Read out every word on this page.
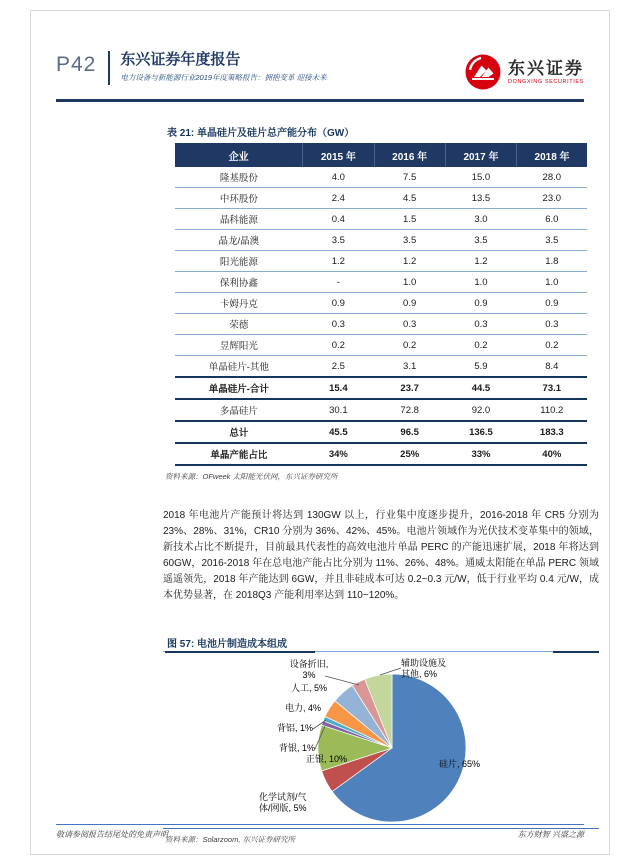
P42 东兴证券年度报告
电力设备与新能源行业2019年度策略报告：拥抱变革 迎接未来	东兴证券
DONGXING SECURITIES
表 21: 单晶硅片及硅片总产能分布（GW）
企业	2015 年	2016 年	2017 年	2018 年
隆基股份	4.0	7.5	15.0	28.0
中环股份	2.4	4.5	13.5	23.0
晶科能源	0.4	1.5	3.0	6.0
晶龙/晶澳	3.5	3.5	3.5	3.5
阳光能源	1.2	1.2	1.2	1.8
保利协鑫	-	1.0	1.0	1.0
卡姆丹克	0.9	0.9	0.9	0.9
荣德	0.3	0.3	0.3	0.3
昱辉阳光	0.2	0.2	0.2	0.2
单晶硅片-其他	2.5	3.1	5.9	8.4
单晶硅片-合计	15.4	23.7	44.5	73.1
多晶硅片	30.1	72.8	92.0	110.2
总计	45.5	96.5	136.5	183.3
单晶产能占比	34%	25%	33%	40%
资料来源：OFweek 太阳能光伏网，东兴证券研究所
2018 年电池片产能预计将达到 130GW 以上，行业集中度逐步提升，2016-2018 年 CR5 分别为 23%、28%、31%，CR10 分别为 36%、42%、45%。电池片领域作为光伏技术变革集中的领域，新技术占比不断提升，目前最具代表性的高效电池片单晶 PERC 的产能迅速扩展，2018 年将达到 60GW，2016-2018 年在总电池产能占比分别为 11%、26%、48%。通威太阳能在单晶 PERC 领域遥遥领先，2018 年产能达到 6GW，并且非硅成本可达 0.2~0.3 元/W，低于行业平均 0.4 元/W，成本优势显著，在 2018Q3 产能利用率达到 110~120%。
图 57: 电池片制造成本组成
硅片, 65%
化学试剂/气体/网版, 5%
正银, 10%
背银, 1%
背铝, 1%
电力, 4%
人工, 5%
设备折旧, 3%
辅助设施及其他, 6%
资料来源：Solarzoom, 东兴证券研究所
敬请参阅报告结尾处的免责声明	东方财智 兴盛之源
